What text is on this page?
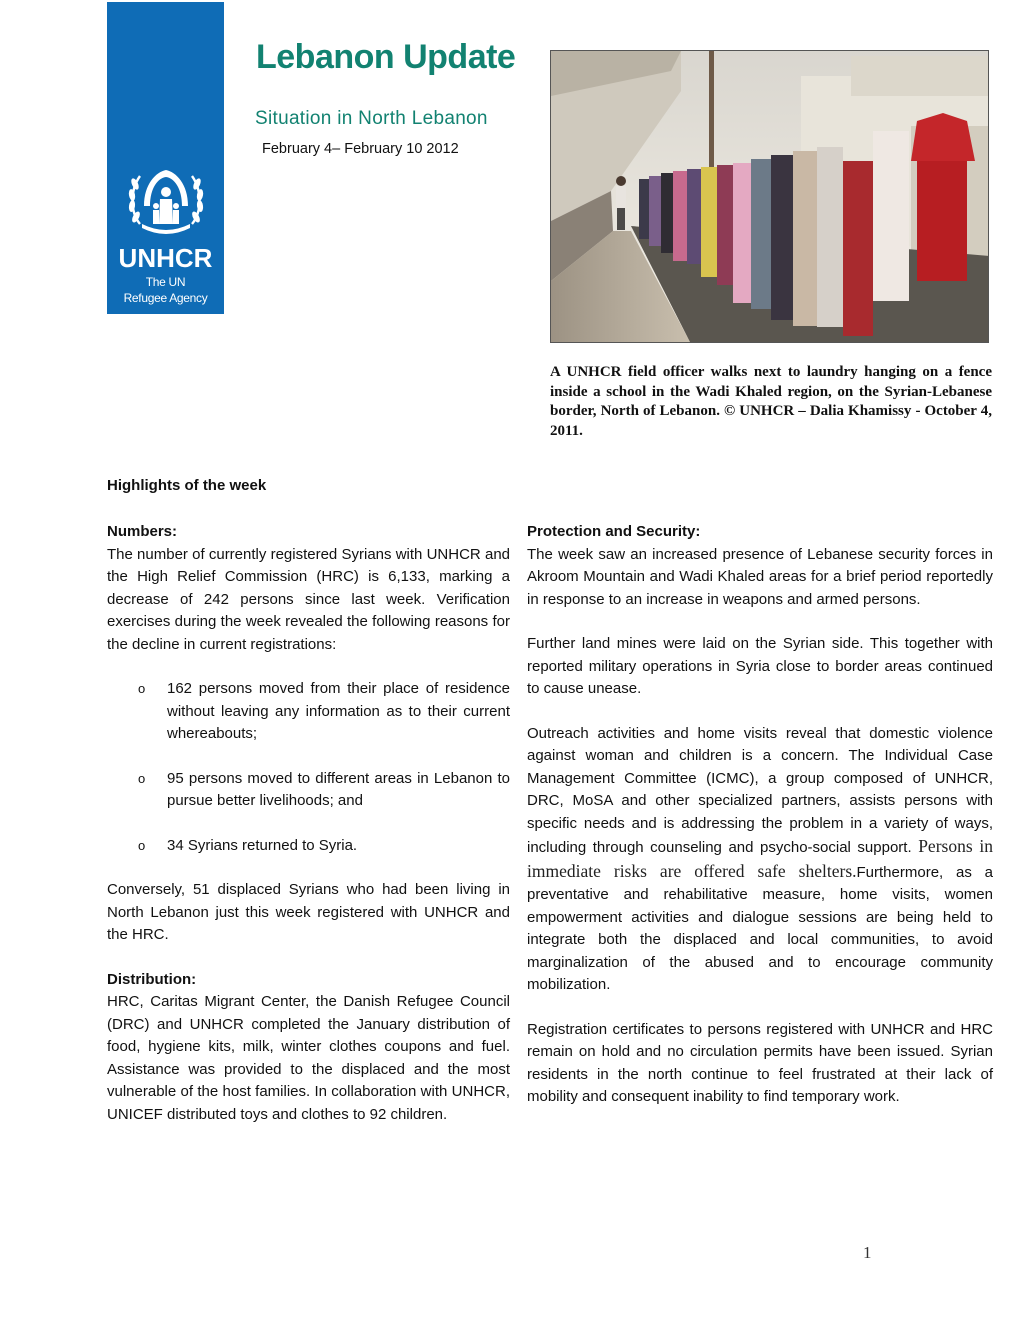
UNHCR
The UN
Refugee Agency
Lebanon Update
Situation in North Lebanon
February 4– February 10 2012
A UNHCR field officer walks next to laundry hanging on a fence inside a school in the Wadi Khaled region, on the Syrian-Lebanese border, North of Lebanon. © UNHCR – Dalia Khamissy - October 4, 2011.
Highlights of the week
Numbers:

The number of currently registered Syrians with UNHCR and the High Relief Commission (HRC) is 6,133, marking a decrease of 242 persons since last week. Verification exercises during the week revealed the following reasons for the decline in current registrations:

o 162 persons moved from their place of residence without leaving any information as to their current whereabouts;
o 95 persons moved to different areas in Lebanon to pursue better livelihoods; and
o 34 Syrians returned to Syria.

Conversely, 51 displaced Syrians who had been living in North Lebanon just this week registered with UNHCR and the HRC.

Distribution:

HRC, Caritas Migrant Center, the Danish Refugee Council (DRC) and UNHCR completed the January distribution of food, hygiene kits, milk, winter clothes coupons and fuel. Assistance was provided to the displaced and the most vulnerable of the host families. In collaboration with UNHCR, UNICEF distributed toys and clothes to 92 children.

Protection and Security:

The week saw an increased presence of Lebanese security forces in Akroom Mountain and Wadi Khaled areas for a brief period reportedly in response to an increase in weapons and armed persons.

Further land mines were laid on the Syrian side. This together with reported military operations in Syria close to border areas continued to cause unease.

Outreach activities and home visits reveal that domestic violence against woman and children is a concern. The Individual Case Management Committee (ICMC), a group composed of UNHCR, DRC, MoSA and other specialized partners, assists persons with specific needs and is addressing the problem in a variety of ways, including through counseling and psycho-social support. Persons in immediate risks are offered safe shelters.Furthermore, as a preventative and rehabilitative measure, home visits, women empowerment activities and dialogue sessions are being held to integrate both the displaced and local communities, to avoid marginalization of the abused and to encourage community mobilization.

Registration certificates to persons registered with UNHCR and HRC remain on hold and no circulation permits have been issued. Syrian residents in the north continue to feel frustrated at their lack of mobility and consequent inability to find temporary work.

1
